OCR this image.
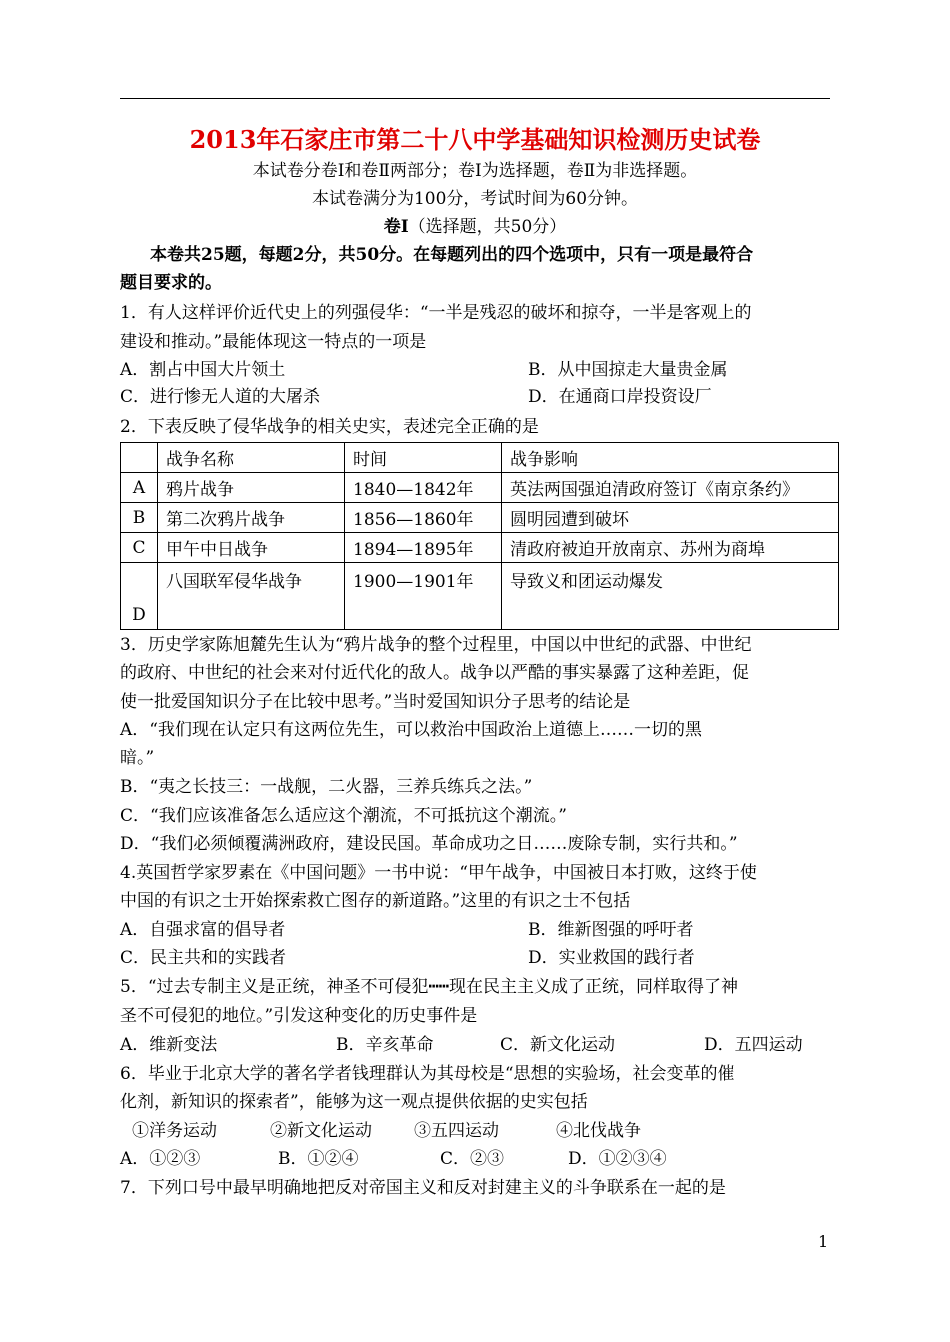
2013年石家庄市第二十八中学基础知识检测历史试卷
本试卷分卷Ⅰ和卷Ⅱ两部分；卷Ⅰ为选择题，卷Ⅱ为非选择题。
本试卷满分为100分，考试时间为60分钟。
卷Ⅰ（选择题，共50分）
本卷共25题，每题2分，共50分。在每题列出的四个选项中，只有一项是最符合
题目要求的。
1．有人这样评价近代史上的列强侵华：“一半是残忍的破坏和掠夺，一半是客观上的
建设和推动。”最能体现这一特点的一项是
A．割占中国大片领土	B．从中国掠走大量贵金属
C．进行惨无人道的大屠杀	D．在通商口岸投资设厂
2．下表反映了侵华战争的相关史实，表述完全正确的是
	战争名称	时间	战争影响
A	鸦片战争	1840—1842年	英法两国强迫清政府签订《南京条约》
B	第二次鸦片战争	1856—1860年	圆明园遭到破坏
C	甲午中日战争	1894—1895年	清政府被迫开放南京、苏州为商埠
D	八国联军侵华战争	1900—1901年	导致义和团运动爆发
3．历史学家陈旭麓先生认为“鸦片战争的整个过程里，中国以中世纪的武器、中世纪
的政府、中世纪的社会来对付近代化的敌人。战争以严酷的事实暴露了这种差距，促
使一批爱国知识分子在比较中思考。”当时爱国知识分子思考的结论是
A．“我们现在认定只有这两位先生，可以救治中国政治上道德上……一切的黑
暗。”
B．“夷之长技三：一战舰，二火器，三养兵练兵之法。”
C．“我们应该准备怎么适应这个潮流，不可抵抗这个潮流。”
D．“我们必须倾覆满洲政府，建设民国。革命成功之日……废除专制，实行共和。”
4.英国哲学家罗素在《中国问题》一书中说：“甲午战争，中国被日本打败，这终于使
中国的有识之士开始探索救亡图存的新道路。”这里的有识之士不包括
A．自强求富的倡导者	B．维新图强的呼吁者
C．民主共和的实践者	D．实业救国的践行者
5．“过去专制主义是正统，神圣不可侵犯┅┅现在民主主义成了正统，同样取得了神
圣不可侵犯的地位。”引发这种变化的历史事件是
A．维新变法	B．辛亥革命	C．新文化运动	D．五四运动
6．毕业于北京大学的著名学者钱理群认为其母校是“思想的实验场，社会变革的催
化剂，新知识的探索者”，能够为这一观点提供依据的史实包括
①洋务运动	②新文化运动 ③五四运动	④北伐战争
A．①②③	B．①②④	C．②③	D．①②③④
7．下列口号中最早明确地把反对帝国主义和反对封建主义的斗争联系在一起的是
1
